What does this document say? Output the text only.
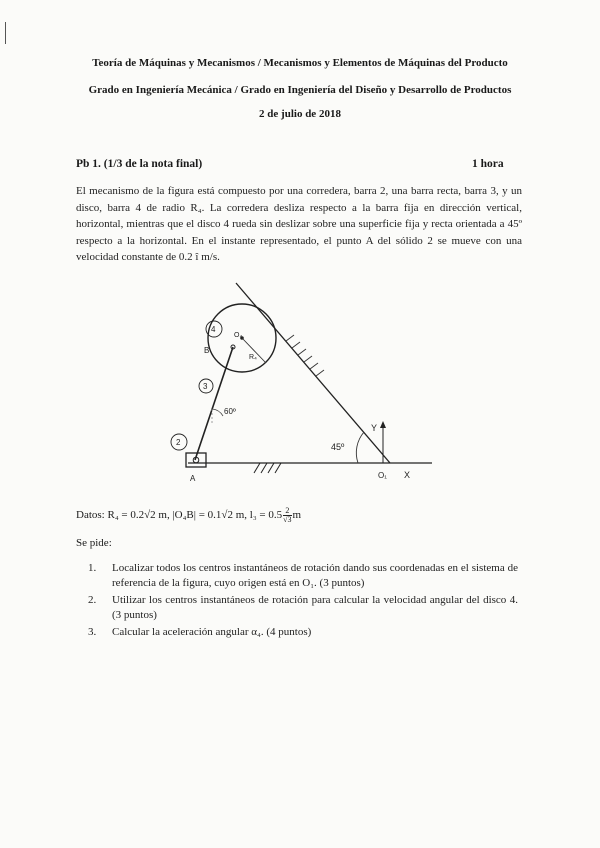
Teoría de Máquinas y Mecanismos / Mecanismos y Elementos de Máquinas del Producto
Grado en Ingeniería Mecánica / Grado en Ingeniería del Diseño y Desarrollo de Productos
2 de julio de 2018
Pb 1. (1/3 de la nota final)	1 hora

El mecanismo de la figura está compuesto por una corredera, barra 2, una barra recta, barra 3, y un disco, barra 4 de radio R₄. La corredera desliza respecto a la barra fija en dirección vertical, horizontal, mientras que el disco 4 rueda sin deslizar sobre una superficie fija y recta orientada a 45º respecto a la horizontal. En el instante representado, el punto A del sólido 2 se mueve con una velocidad constante de 0.2 î m/s.

45º
Y
X
O₁
O₄
R₄
B
4
60º
3
2
A
Datos: R₄ = 0.2√2 m, |O₄B| = 0.1√2 m, $l_3 = 0.5 \frac{2}{√3}$ m
Se pide:
1. Localizar todos los centros instantáneos de rotación dando sus coordenadas en el sistema de referencia de la figura, cuyo origen está en O₁. (3 puntos)
2. Utilizar los centros instantáneos de rotación para calcular la velocidad angular del disco 4. (3 puntos)
3. Calcular la aceleración angular α₄. (4 puntos)
